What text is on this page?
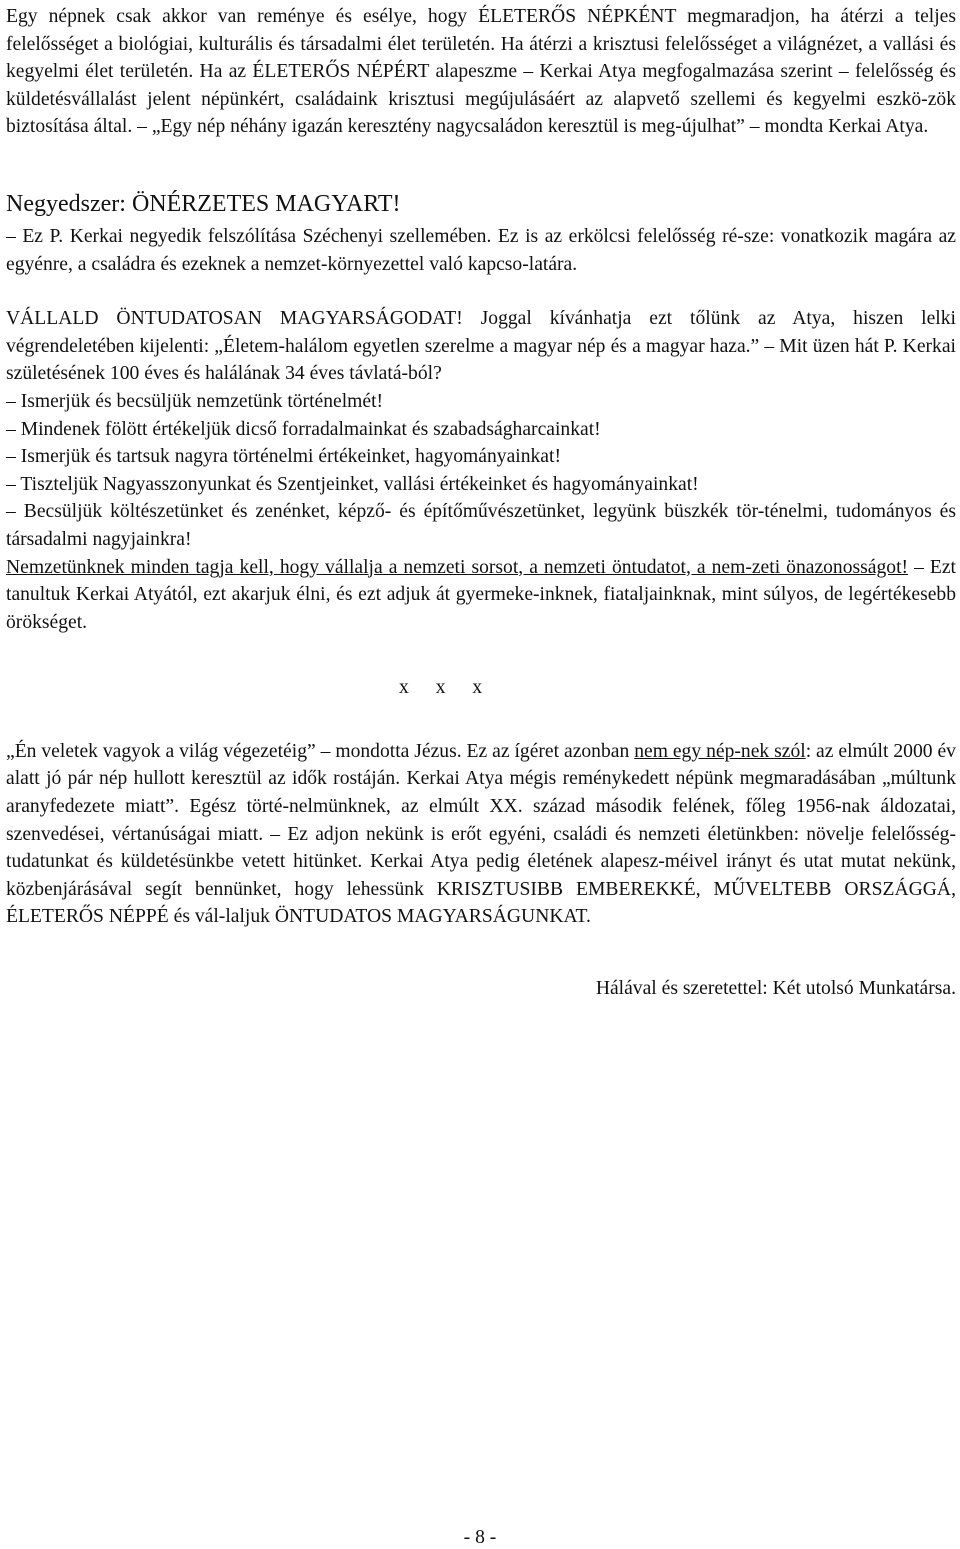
Egy népnek csak akkor van reménye és esélye, hogy ÉLETERŐS NÉPKÉNT megmaradjon, ha átérzi a teljes felelősséget a biológiai, kulturális és társadalmi élet területén. Ha átérzi a krisztusi felelősséget a világnézet, a vallási és kegyelmi élet területén. Ha az ÉLETERŐS NÉPÉRT alapeszme – Kerkai Atya megfogalmazása szerint – felelősség és küldetésvállalást jelent népünkért, családaink krisztusi megújulásáért az alapvető szellemi és kegyelmi eszkö-zök biztosítása által. – „Egy nép néhány igazán keresztény nagycsaládon keresztül is meg-újulhat” – mondta Kerkai Atya.

Negyedszer: ÖNÉRZETES MAGYART!

– Ez P. Kerkai negyedik felszólítása Széchenyi szellemében. Ez is az erkölcsi felelősség ré-sze: vonatkozik magára az egyénre, a családra és ezeknek a nemzet-környezettel való kapcso-latára.

VÁLLALD ÖNTUDATOSAN MAGYARSÁGODAT! Joggal kívánhatja ezt tőlünk az Atya, hiszen lelki végrendeletében kijelenti: „Életem-halálom egyetlen szerelme a magyar nép és a magyar haza.” – Mit üzen hát P. Kerkai születésének 100 éves és halálának 34 éves távlatá-ból?

– Ismerjük és becsüljük nemzetünk történelmét!

– Mindenek fölött értékeljük dicső forradalmainkat és szabadságharcainkat!

– Ismerjük és tartsuk nagyra történelmi értékeinket, hagyományainkat!

– Tiszteljük Nagyasszonyunkat és Szentjeinket, vallási értékeinket és hagyományainkat!

– Becsüljük költészetünket és zenénket, képző- és építőművészetünket, legyünk büszkék tör-ténelmi, tudományos és társadalmi nagyjainkra!

Nemzetünknek minden tagja kell, hogy vállalja a nemzeti sorsot, a nemzeti öntudatot, a nem-zeti önazonosságot! – Ezt tanultuk Kerkai Atyától, ezt akarjuk élni, és ezt adjuk át gyermeke-inknek, fiataljainknak, mint súlyos, de legértékesebb örökséget.

x x x

„Én veletek vagyok a világ végezetéig” – mondotta Jézus. Ez az ígéret azonban nem egy nép-nek szól: az elmúlt 2000 év alatt jó pár nép hullott keresztül az idők rostáján. Kerkai Atya mégis reménykedett népünk megmaradásában „múltunk aranyfedezete miatt”. Egész törté-nelmünknek, az elmúlt XX. század második felének, főleg 1956-nak áldozatai, szenvedései, vértanúságai miatt. – Ez adjon nekünk is erőt egyéni, családi és nemzeti életünkben: növelje felelősség-tudatunkat és küldetésünkbe vetett hitünket. Kerkai Atya pedig életének alapesz-méivel irányt és utat mutat nekünk, közbenjárásával segít bennünket, hogy lehessünk KRISZTUSIBB EMBEREKKÉ, MŰVELTEBB ORSZÁGGÁ, ÉLETERŐS NÉPPÉ és vál-laljuk ÖNTUDATOS MAGYARSÁGUNKAT.

Hálával és szeretettel: Két utolsó Munkatársa.

- 8 -
